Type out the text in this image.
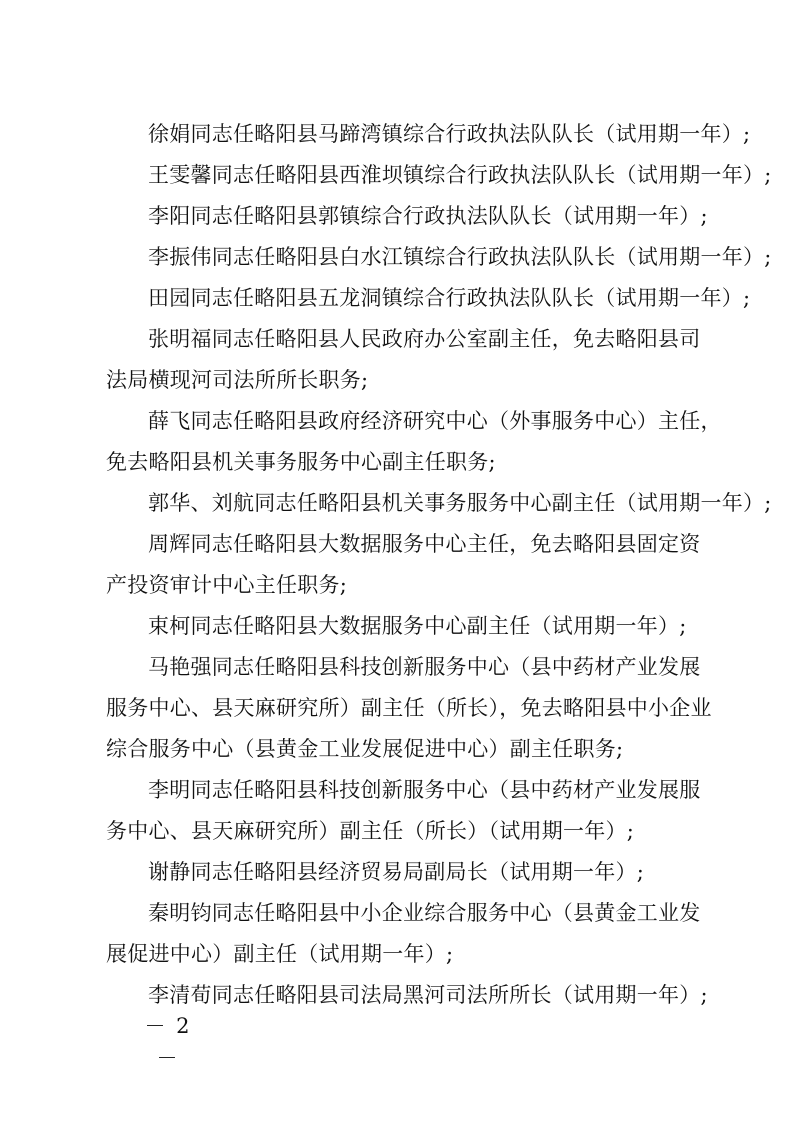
徐娟同志任略阳县马蹄湾镇综合行政执法队队长（试用期一年）;
王雯馨同志任略阳县西淮坝镇综合行政执法队队长（试用期一年）;
李阳同志任略阳县郭镇综合行政执法队队长（试用期一年）;
李振伟同志任略阳县白水江镇综合行政执法队队长（试用期一年）;
田园同志任略阳县五龙洞镇综合行政执法队队长（试用期一年）;
张明福同志任略阳县人民政府办公室副主任，免去略阳县司
法局横现河司法所所长职务;
薛飞同志任略阳县政府经济研究中心（外事服务中心）主任，
免去略阳县机关事务服务中心副主任职务;
郭华、刘航同志任略阳县机关事务服务中心副主任（试用期一年）;
周辉同志任略阳县大数据服务中心主任，免去略阳县固定资
产投资审计中心主任职务;
束柯同志任略阳县大数据服务中心副主任（试用期一年）;
马艳强同志任略阳县科技创新服务中心（县中药材产业发展
服务中心、县天麻研究所）副主任（所长），免去略阳县中小企业
综合服务中心（县黄金工业发展促进中心）副主任职务;
李明同志任略阳县科技创新服务中心（县中药材产业发展服
务中心、县天麻研究所）副主任（所长）（试用期一年）;
谢静同志任略阳县经济贸易局副局长（试用期一年）;
秦明钧同志任略阳县中小企业综合服务中心（县黄金工业发
展促进中心）副主任（试用期一年）;
李清荀同志任略阳县司法局黑河司法所所长（试用期一年）;
－ 2 －
